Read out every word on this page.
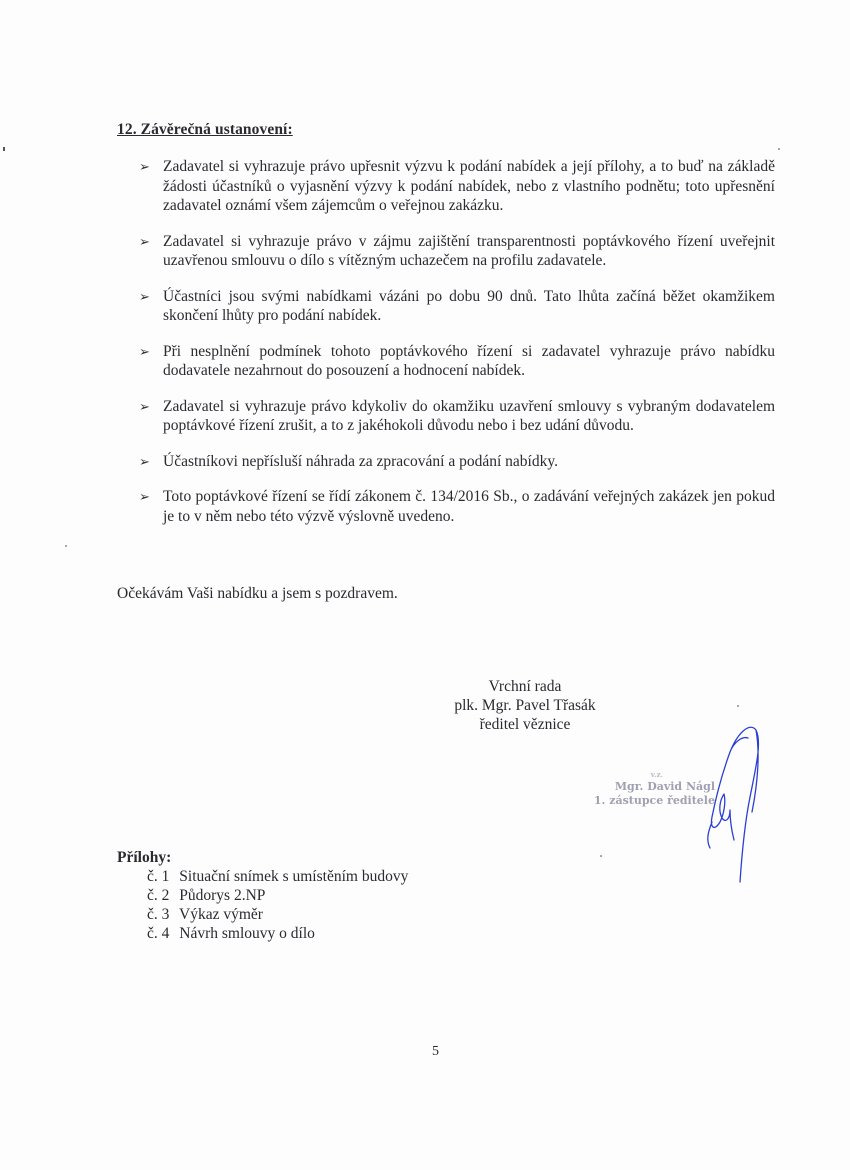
12. Závěrečná ustanovení:
➢ Zadavatel si vyhrazuje právo upřesnit výzvu k podání nabídek a její přílohy, a to buď na základě žádosti účastníků o vyjasnění výzvy k podání nabídek, nebo z vlastního podnětu; toto upřesnění zadavatel oznámí všem zájemcům o veřejnou zakázku.
➢ Zadavatel si vyhrazuje právo v zájmu zajištění transparentnosti poptávkového řízení uveřejnit uzavřenou smlouvu o dílo s vítězným uchazečem na profilu zadavatele.
➢ Účastníci jsou svými nabídkami vázáni po dobu 90 dnů. Tato lhůta začíná běžet okamžikem skončení lhůty pro podání nabídek.
➢ Při nesplnění podmínek tohoto poptávkového řízení si zadavatel vyhrazuje právo nabídku dodavatele nezahrnout do posouzení a hodnocení nabídek.
➢ Zadavatel si vyhrazuje právo kdykoliv do okamžiku uzavření smlouvy s vybraným dodavatelem poptávkové řízení zrušit, a to z jakéhokoli důvodu nebo i bez udání důvodu.
➢ Účastníkovi nepřísluší náhrada za zpracování a podání nabídky.
➢ Toto poptávkové řízení se řídí zákonem č. 134/2016 Sb., o zadávání veřejných zakázek jen pokud je to v něm nebo této výzvě výslovně uvedeno.
Očekávám Vaši nabídku a jsem s pozdravem.
Vrchní rada
plk. Mgr. Pavel Třasák
ředitel věznice
v.z.
Mgr. David Nágl
1. zástupce ředitele
Přílohy:
č. 1 Situační snímek s umístěním budovy
č. 2 Půdorys 2.NP
č. 3 Výkaz výměr
č. 4 Návrh smlouvy o dílo
5
